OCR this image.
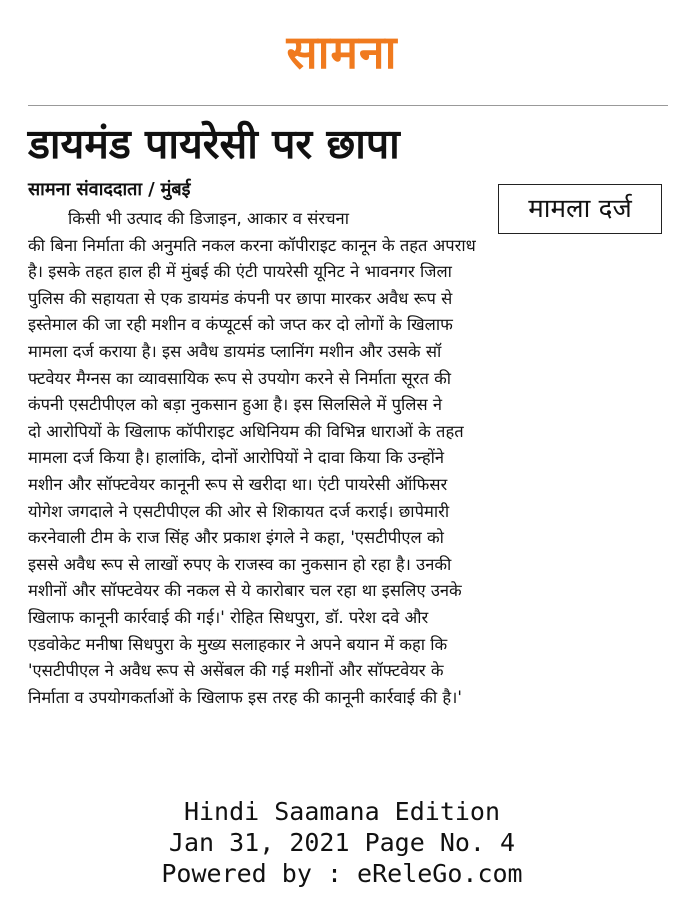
सामना
डायमंड पायरेसी पर छापा
सामना संवाददाता / मुंबई
मामला दर्ज
किसी भी उत्पाद की डिजाइन, आकार व संरचना
की बिना निर्माता की अनुमति नकल करना कॉपीराइट कानून के तहत अपराध
है। इसके तहत हाल ही में मुंबई की एंटी पायरेसी यूनिट ने भावनगर जिला
पुलिस की सहायता से एक डायमंड कंपनी पर छापा मारकर अवैध रूप से
इस्तेमाल की जा रही मशीन व कंप्यूटर्स को जप्त कर दो लोगों के खिलाफ
मामला दर्ज कराया है। इस अवैध डायमंड प्लानिंग मशीन और उसके सॉ
फ्टवेयर मैग्नस का व्यावसायिक रूप से उपयोग करने से निर्माता सूरत की
कंपनी एसटीपीएल को बड़ा नुकसान हुआ है। इस सिलसिले में पुलिस ने
दो आरोपियों के खिलाफ कॉपीराइट अधिनियम की विभिन्न धाराओं के तहत
मामला दर्ज किया है। हालांकि, दोनों आरोपियों ने दावा किया कि उन्होंने
मशीन और सॉफ्टवेयर कानूनी रूप से खरीदा था। एंटी पायरेसी ऑफिसर
योगेश जगदाले ने एसटीपीएल की ओर से शिकायत दर्ज कराई। छापेमारी
करनेवाली टीम के राज सिंह और प्रकाश इंगले ने कहा, 'एसटीपीएल को
इससे अवैध रूप से लाखों रुपए के राजस्व का नुकसान हो रहा है। उनकी
मशीनों और सॉफ्टवेयर की नकल से ये कारोबार चल रहा था इसलिए उनके
खिलाफ कानूनी कार्रवाई की गई।' रोहित सिधपुरा, डॉ. परेश दवे और
एडवोकेट मनीषा सिधपुरा के मुख्य सलाहकार ने अपने बयान में कहा कि
'एसटीपीएल ने अवैध रूप से असेंबल की गई मशीनों और सॉफ्टवेयर के
निर्माता व उपयोगकर्ताओं के खिलाफ इस तरह की कानूनी कार्रवाई की है।'
Hindi Saamana Edition
Jan 31, 2021 Page No. 4
Powered by : eReleGo.com
